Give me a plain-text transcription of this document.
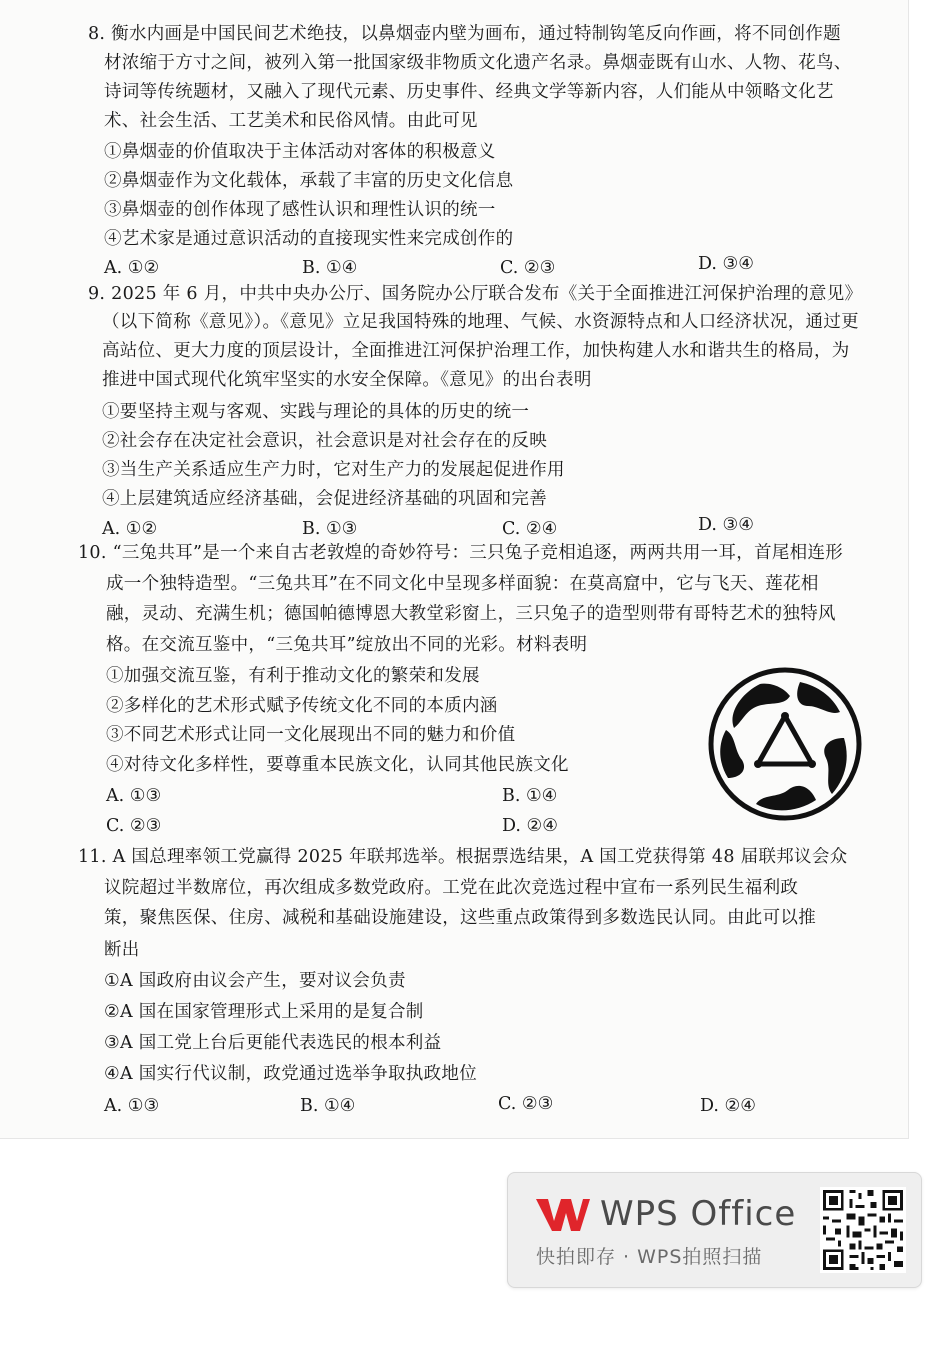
8. 衡水内画是中国民间艺术绝技，以鼻烟壶内壁为画布，通过特制钩笔反向作画，将不同创作题
材浓缩于方寸之间，被列入第一批国家级非物质文化遗产名录。鼻烟壶既有山水、人物、花鸟、
诗词等传统题材，又融入了现代元素、历史事件、经典文学等新内容，人们能从中领略文化艺
术、社会生活、工艺美术和民俗风情。由此可见
①鼻烟壶的价值取决于主体活动对客体的积极意义
②鼻烟壶作为文化载体，承载了丰富的历史文化信息
③鼻烟壶的创作体现了感性认识和理性认识的统一
④艺术家是通过意识活动的直接现实性来完成创作的
A. ①②	B. ①④	C. ②③	D. ③④
9. 2025 年 6 月，中共中央办公厅、国务院办公厅联合发布《关于全面推进江河保护治理的意见》
（以下简称《意见》）。《意见》立足我国特殊的地理、气候、水资源特点和人口经济状况，通过更
高站位、更大力度的顶层设计，全面推进江河保护治理工作，加快构建人水和谐共生的格局，为
推进中国式现代化筑牢坚实的水安全保障。《意见》的出台表明
①要坚持主观与客观、实践与理论的具体的历史的统一
②社会存在决定社会意识，社会意识是对社会存在的反映
③当生产关系适应生产力时，它对生产力的发展起促进作用
④上层建筑适应经济基础，会促进经济基础的巩固和完善
A. ①②	B. ①③	C. ②④	D. ③④
10. “三兔共耳”是一个来自古老敦煌的奇妙符号：三只兔子竞相追逐，两两共用一耳，首尾相连形
成一个独特造型。“三兔共耳”在不同文化中呈现多样面貌：在莫高窟中，它与飞天、莲花相
融，灵动、充满生机；德国帕德博恩大教堂彩窗上，三只兔子的造型则带有哥特艺术的独特风
格。在交流互鉴中，“三兔共耳”绽放出不同的光彩。材料表明
①加强交流互鉴，有利于推动文化的繁荣和发展
②多样化的艺术形式赋予传统文化不同的本质内涵
③不同艺术形式让同一文化展现出不同的魅力和价值
④对待文化多样性，要尊重本民族文化，认同其他民族文化
A. ①③	B. ①④
C. ②③	D. ②④
11. A 国总理率领工党赢得 2025 年联邦选举。根据票选结果，A 国工党获得第 48 届联邦议会众
议院超过半数席位，再次组成多数党政府。工党在此次竞选过程中宣布一系列民生福利政
策，聚焦医保、住房、减税和基础设施建设，这些重点政策得到多数选民认同。由此可以推
断出
①A 国政府由议会产生，要对议会负责
②A 国在国家管理形式上采用的是复合制
③A 国工党上台后更能代表选民的根本利益
④A 国实行代议制，政党通过选举争取执政地位
A. ①③	B. ①④	C. ②③	D. ②④
WPS Office
快拍即存 · WPS拍照扫描
